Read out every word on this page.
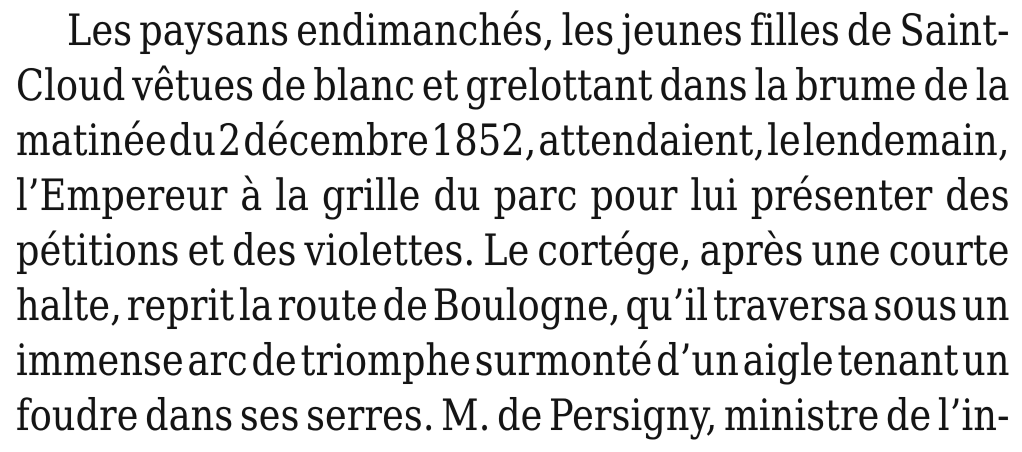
Les paysans endimanchés, les jeunes filles de Saint-
Cloud vêtues de blanc et grelottant dans la brume de la
matinée du 2 décembre 1852, attendaient, le lendemain,
l’Empereur à la grille du parc pour lui présenter des
pétitions et des violettes. Le cortége, après une courte
halte, reprit la route de Boulogne, qu’il traversa sous un
immense arc de triomphe surmonté d’un aigle tenant un
foudre dans ses serres. M. de Persigny, ministre de l’in-
